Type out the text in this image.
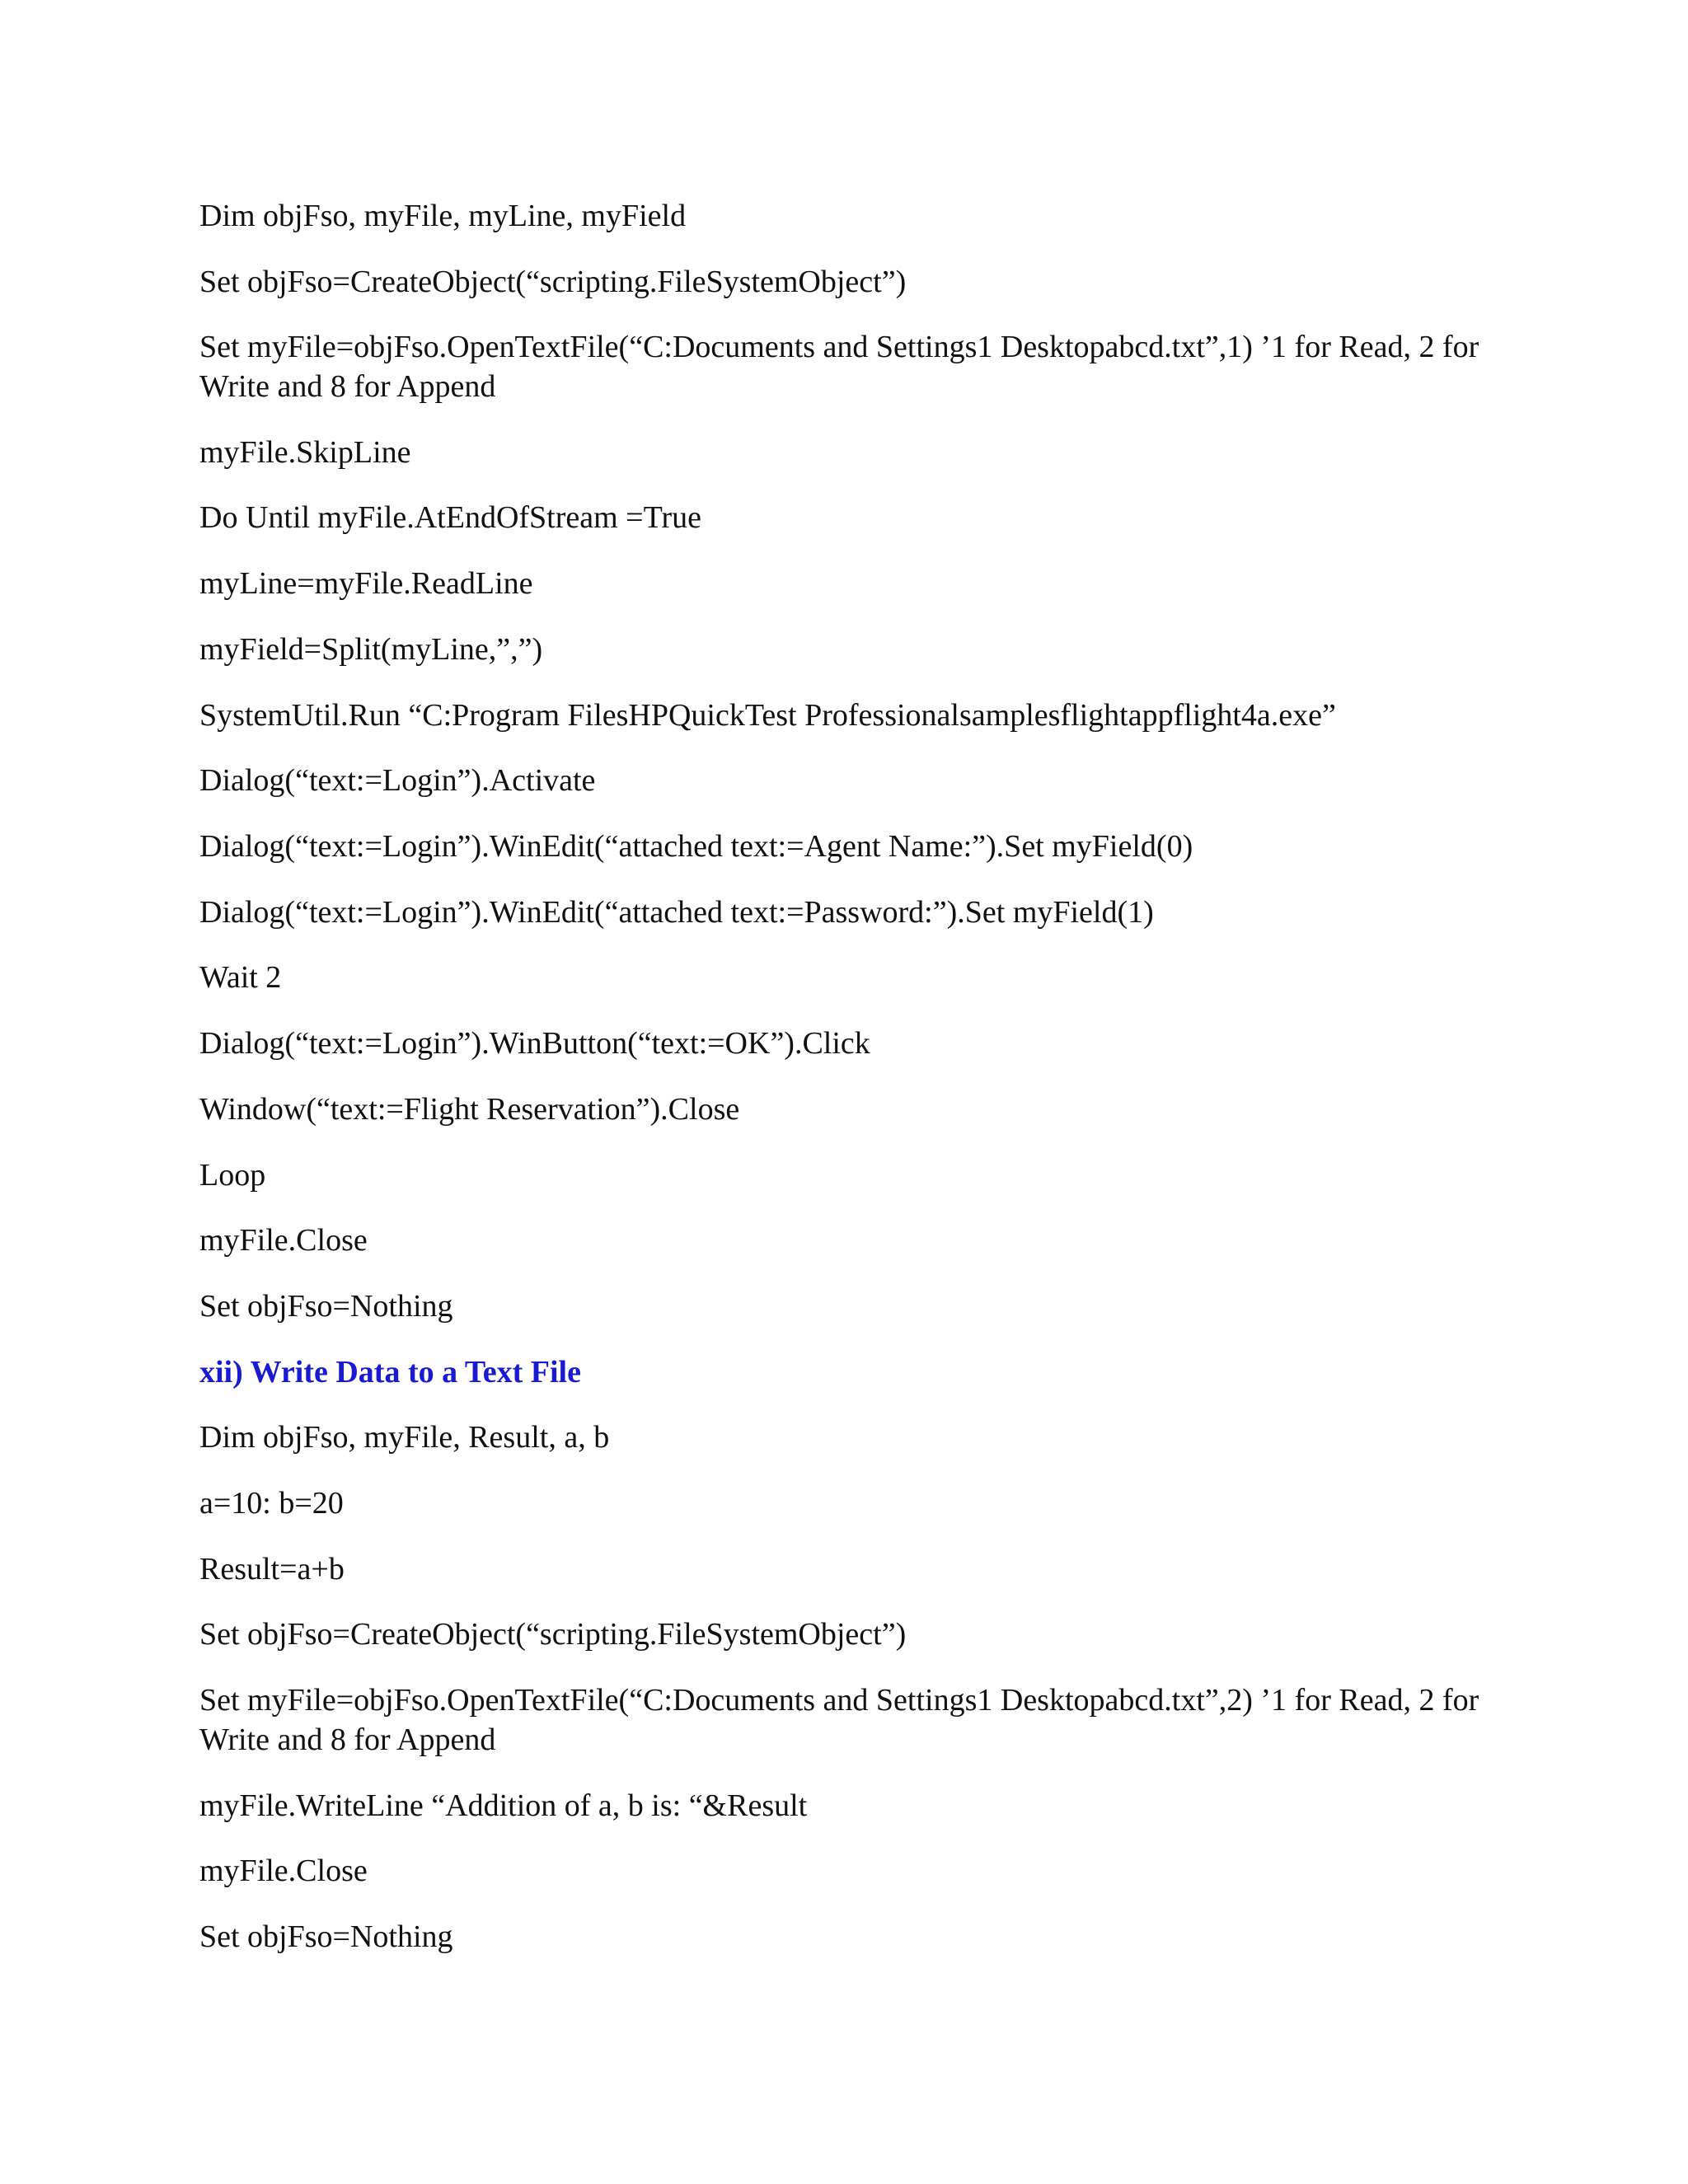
Dim objFso, myFile, myLine, myField
Set objFso=CreateObject(“scripting.FileSystemObject”)
Set myFile=objFso.OpenTextFile(“C:Documents and Settings1 Desktopabcd.txt”,1) ’1 for Read, 2 for Write and 8 for Append
myFile.SkipLine
Do Until myFile.AtEndOfStream =True
myLine=myFile.ReadLine
myField=Split(myLine,”,”)
SystemUtil.Run “C:Program FilesHPQuickTest Professionalsamplesflightappflight4a.exe”
Dialog(“text:=Login”).Activate
Dialog(“text:=Login”).WinEdit(“attached text:=Agent Name:”).Set myField(0)
Dialog(“text:=Login”).WinEdit(“attached text:=Password:”).Set myField(1)
Wait 2
Dialog(“text:=Login”).WinButton(“text:=OK”).Click
Window(“text:=Flight Reservation”).Close
Loop
myFile.Close
Set objFso=Nothing
xii) Write Data to a Text File
Dim objFso, myFile, Result, a, b
a=10: b=20
Result=a+b
Set objFso=CreateObject(“scripting.FileSystemObject”)
Set myFile=objFso.OpenTextFile(“C:Documents and Settings1 Desktopabcd.txt”,2) ’1 for Read, 2 for Write and 8 for Append
myFile.WriteLine “Addition of a, b is: “&Result
myFile.Close
Set objFso=Nothing
